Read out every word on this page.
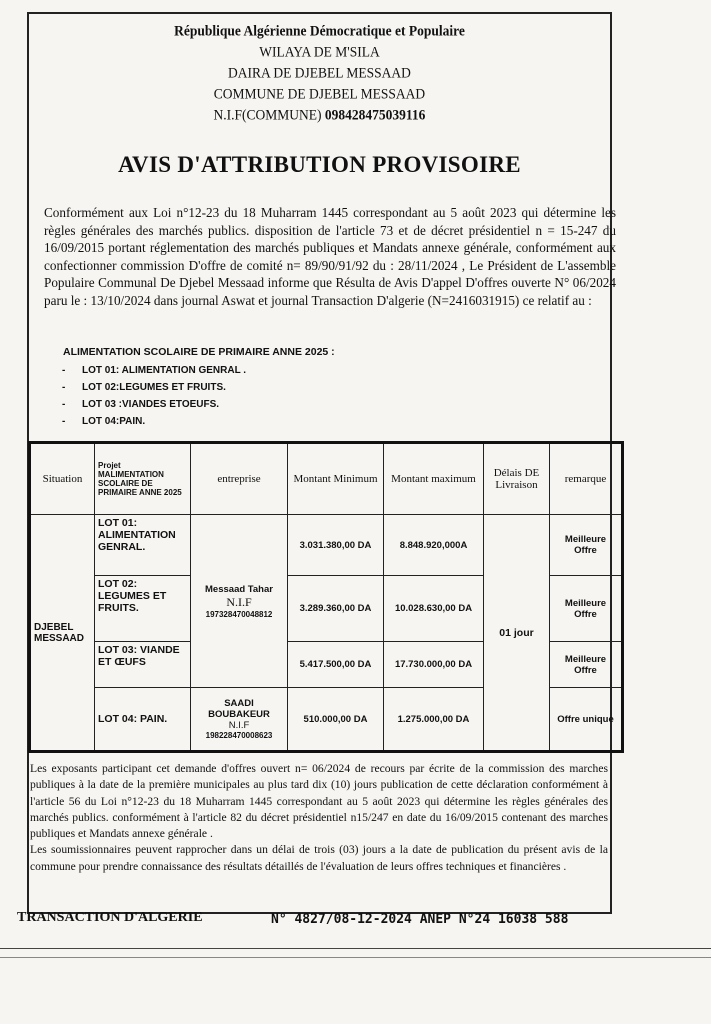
République Algérienne Démocratique et Populaire
WILAYA DE M'SILA
DAIRA DE DJEBEL MESSAAD
COMMUNE DE DJEBEL MESSAAD
N.I.F(COMMUNE) 098428475039116
AVIS D'ATTRIBUTION PROVISOIRE
Conformément aux Loi n°12-23 du 18 Muharram 1445 correspondant au 5 août 2023 qui détermine les règles générales des marchés publics. disposition de l'article 73 et de décret présidentiel n = 15-247 du 16/09/2015 portant réglementation des marchés publiques et Mandats annexe générale, conformément aux confectionner commission D'offre de comité n= 89/90/91/92 du : 28/11/2024 , Le Président de L'assemble Populaire Communal De Djebel Messaad informe que Résulta de Avis D'appel D'offres ouverte N° 06/2024 paru le : 13/10/2024 dans journal Aswat et journal Transaction D'algerie (N=2416031915) ce relatif au :
ALIMENTATION SCOLAIRE DE PRIMAIRE ANNE 2025 :
- LOT 01: ALIMENTATION GENRAL .
- LOT 02:LEGUMES ET FRUITS.
- LOT 03 :VIANDES ETOEUFS.
- LOT 04:PAIN.
Situation	Projet MALIMENTATION SCOLAIRE DE PRIMAIRE ANNE 2025	entreprise	Montant Minimum	Montant maximum	Délais DE Livraison	remarque
DJEBEL MESSAAD	LOT 01: ALIMENTATION GENRAL.	Messaad Tahar
N.I.F
197328470048812	3.031.380,00 DA	8.848.920,000A	01 jour	Meilleure Offre
	LOT 02: LEGUMES ET FRUITS.		3.289.360,00 DA	10.028.630,00 DA		Meilleure Offre
	LOT 03: VIANDE ET ŒUFS		5.417.500,00 DA	17.730.000,00 DA		Meilleure Offre
	LOT 04: PAIN.	SAADI BOUBAKEUR
N.I.F
198228470008623	510.000,00 DA	1.275.000,00 DA		Offre unique
Les exposants participant cet demande d'offres ouvert n= 06/2024 de recours par écrite de la commission des marches publiques à la date de la première municipales au plus tard dix (10) jours publication de cette déclaration conformément à l'article 56 du Loi n°12-23 du 18 Muharram 1445 correspondant au 5 août 2023 qui détermine les règles générales des marchés publics. conformément à l'article 82 du décret présidentiel n15/247 en date du 16/09/2015 contenant des marches publiques et Mandats annexe générale .
Les soumissionnaires peuvent rapprocher dans un délai de trois (03) jours a la date de publication du présent avis de la commune pour prendre connaissance des résultats détaillés de l'évaluation de leurs offres techniques et financières .
TRANSACTION D'ALGERIE	N° 4827/08-12-2024 ANEP N°24 16038 588
